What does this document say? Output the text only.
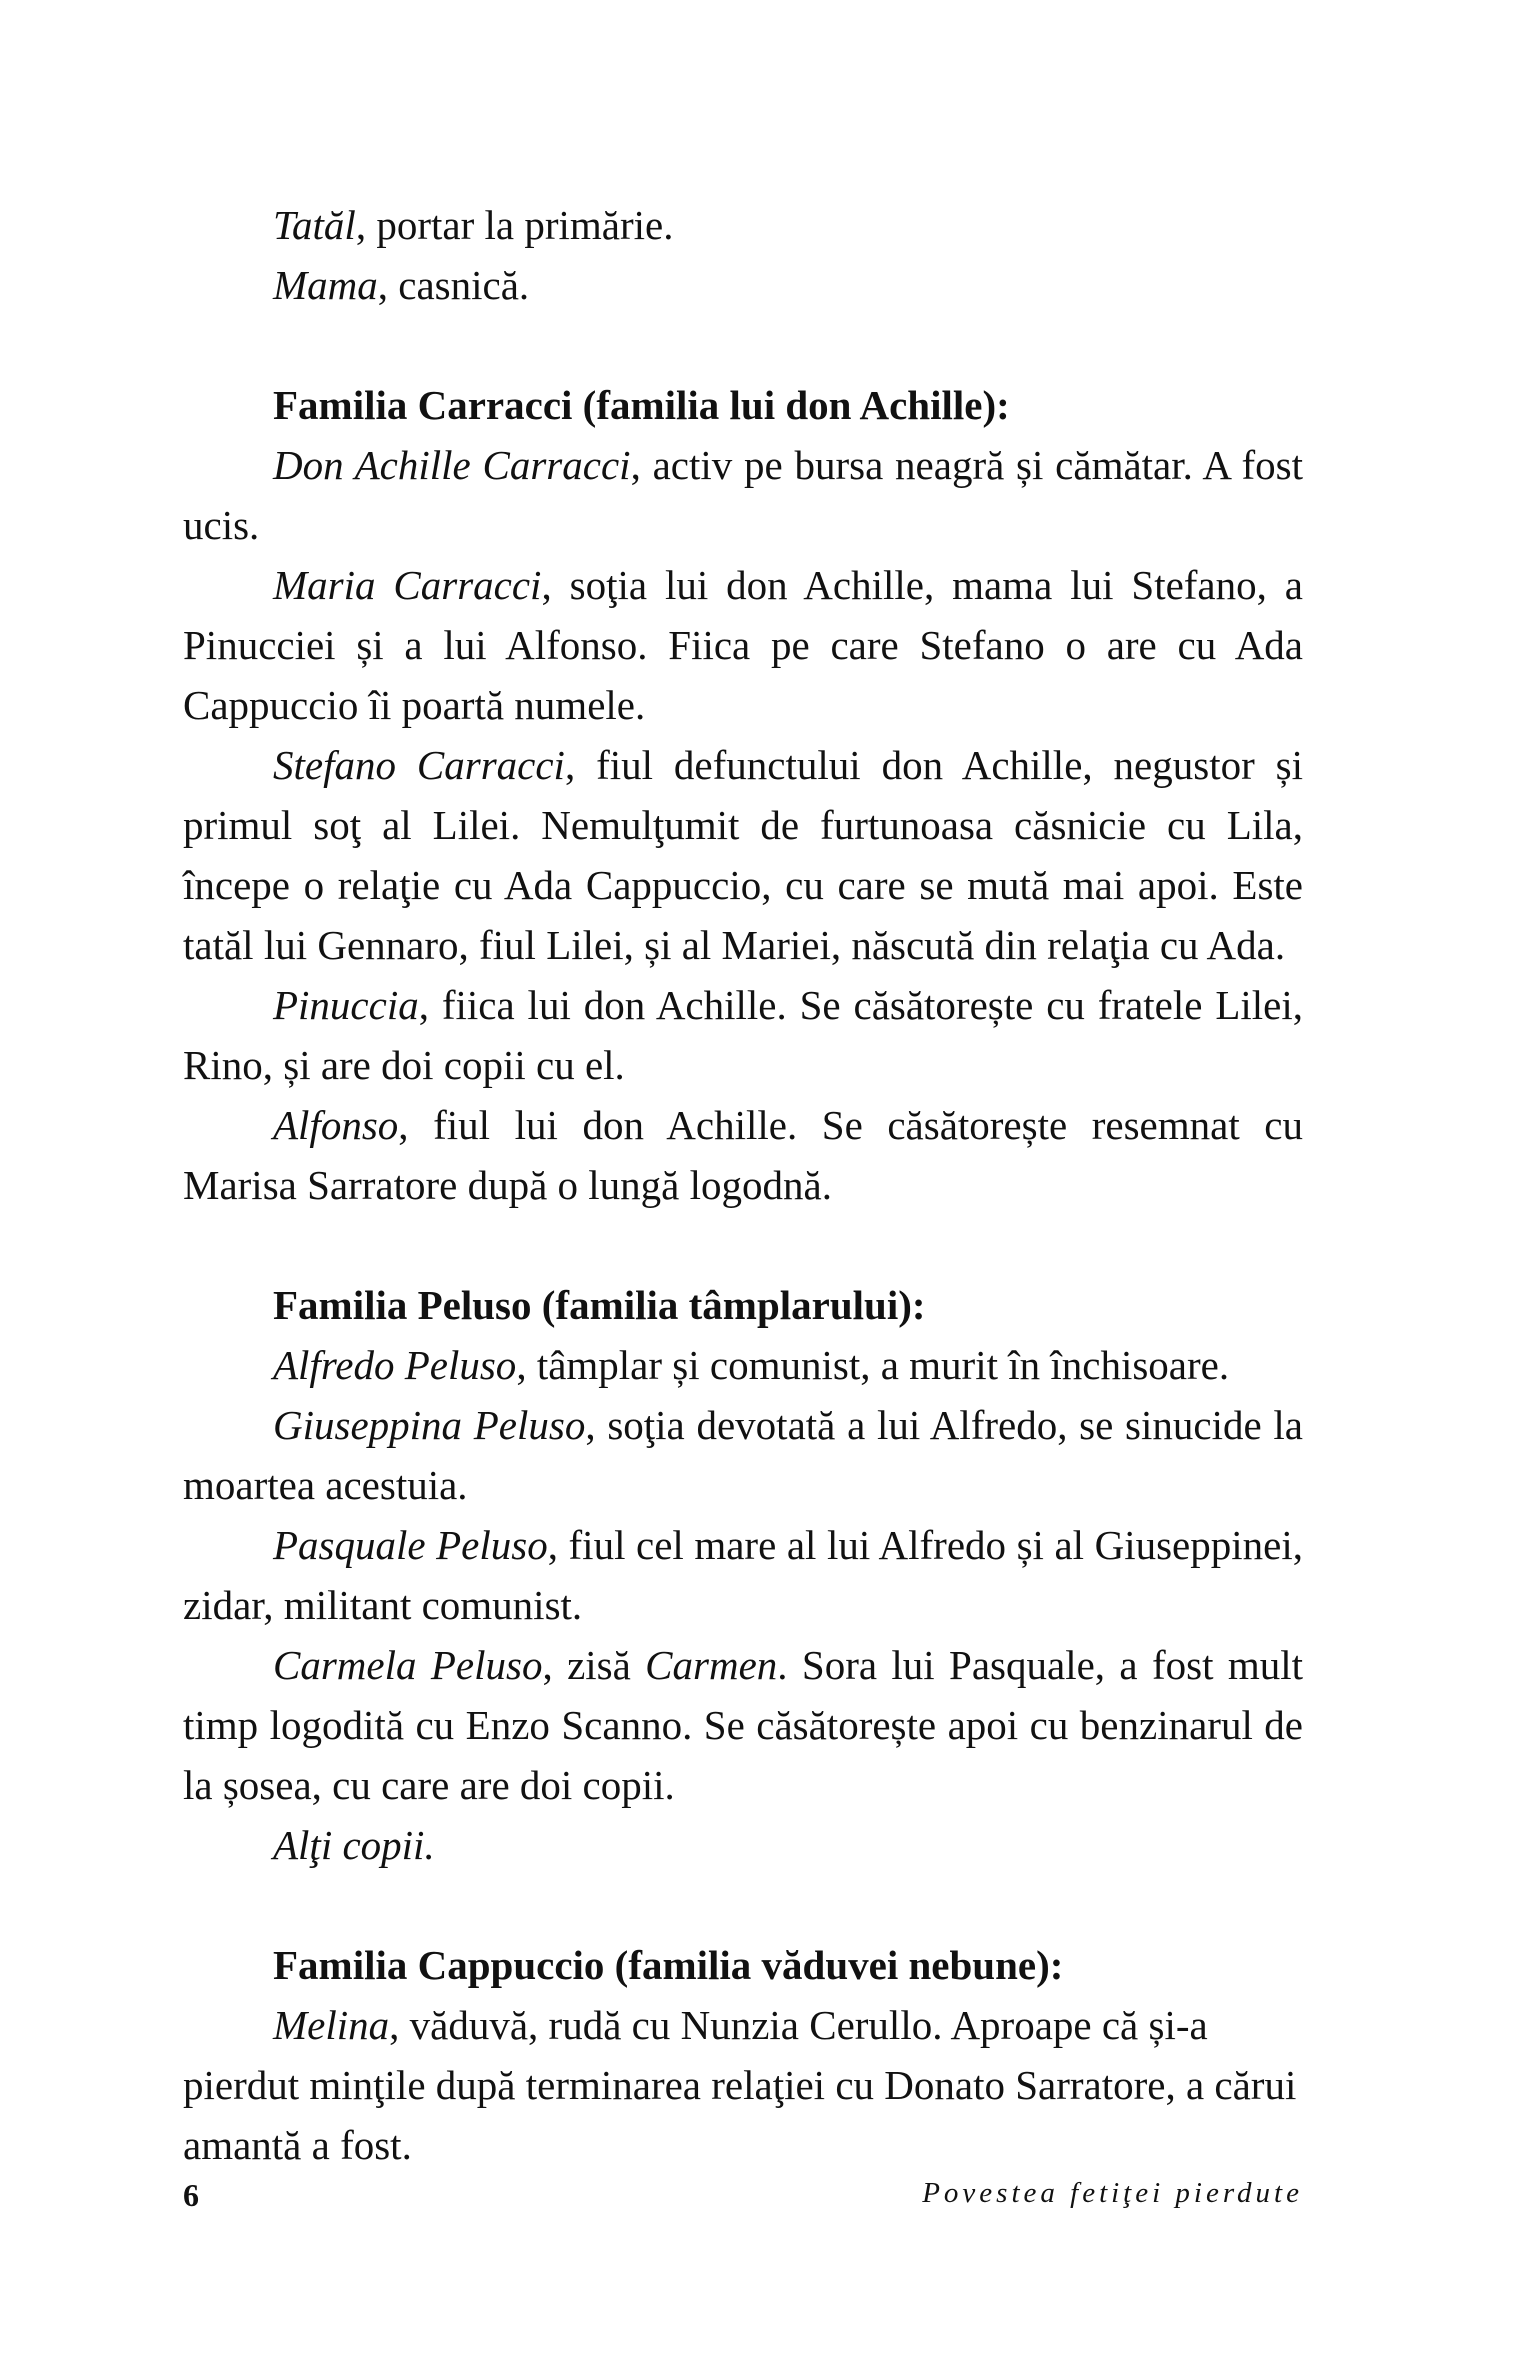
Tatăl, portar la primărie.

Mama, casnică.

Familia Carracci (familia lui don Achille):

Don Achille Carracci, activ pe bursa neagră și cămătar. A fost ucis.

Maria Carracci, soţia lui don Achille, mama lui Stefano, a Pinucciei și a lui Alfonso. Fiica pe care Stefano o are cu Ada Cappuccio îi poartă numele.

Stefano Carracci, fiul defunctului don Achille, negustor și primul soţ al Lilei. Nemulţumit de furtunoasa căsnicie cu Lila, începe o relaţie cu Ada Cappuccio, cu care se mută mai apoi. Este tatăl lui Gennaro, fiul Lilei, și al Mariei, născută din relaţia cu Ada.

Pinuccia, fiica lui don Achille. Se căsătorește cu fratele Lilei, Rino, și are doi copii cu el.

Alfonso, fiul lui don Achille. Se căsătorește resemnat cu Marisa Sarratore după o lungă logodnă.

Familia Peluso (familia tâmplarului):

Alfredo Peluso, tâmplar și comunist, a murit în închisoare.

Giuseppina Peluso, soţia devotată a lui Alfredo, se sinucide la moartea acestuia.

Pasquale Peluso, fiul cel mare al lui Alfredo și al Giuseppinei, zidar, militant comunist.

Carmela Peluso, zisă Carmen. Sora lui Pasquale, a fost mult timp logodită cu Enzo Scanno. Se căsătorește apoi cu benzinarul de la șosea, cu care are doi copii.

Alţi copii.

Familia Cappuccio (familia văduvei nebune):

Melina, văduvă, rudă cu Nunzia Cerullo. Aproape că și-a pierdut minţile după terminarea relaţiei cu Donato Sarratore, a cărui amantă a fost.

6	Povestea fetiţei pierdute
